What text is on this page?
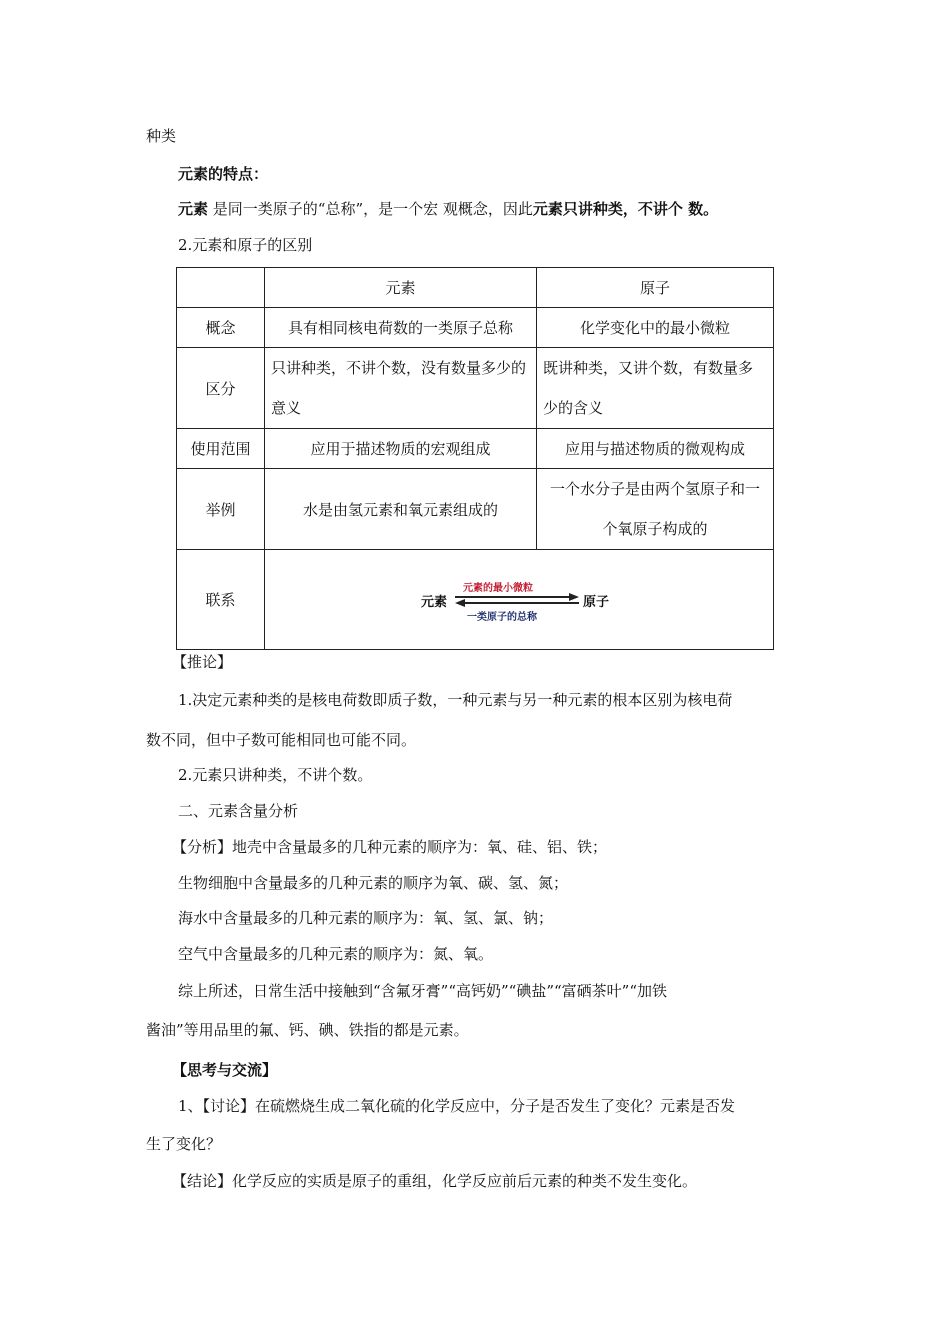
种类
元素的特点：
元素 是同一类原子的“总称”，是一个宏 观概念，因此元素只讲种类，不讲个 数。
2.元素和原子的区别
	元素	原子
概念	具有相同核电荷数的一类原子总称	化学变化中的最小微粒
区分	只讲种类，不讲个数，没有数量多少的意义	既讲种类，又讲个数，有数量多少的含义
使用范围	应用于描述物质的宏观组成	应用与描述物质的微观构成
举例	水是由氢元素和氧元素组成的	一个水分子是由两个氢原子和一个氧原子构成的
联系	元素 原子
元素的最小微粒
一类原子的总称	
【推论】
1.决定元素种类的是核电荷数即质子数，一种元素与另一种元素的根本区别为核电荷
数不同，但中子数可能相同也可能不同。
2.元素只讲种类，不讲个数。
二、元素含量分析
【分析】地壳中含量最多的几种元素的顺序为：氧、硅、铝、铁；
生物细胞中含量最多的几种元素的顺序为氧、碳、氢、氮；
海水中含量最多的几种元素的顺序为：氧、氢、氯、钠；
空气中含量最多的几种元素的顺序为：氮、氧。
综上所述，日常生活中接触到“含氟牙膏”“高钙奶”“碘盐”“富硒茶叶”“加铁
酱油”等用品里的氟、钙、碘、铁指的都是元素。
【思考与交流】
1、【讨论】在硫燃烧生成二氧化硫的化学反应中，分子是否发生了变化？元素是否发
生了变化？
【结论】化学反应的实质是原子的重组，化学反应前后元素的种类不发生变化。
